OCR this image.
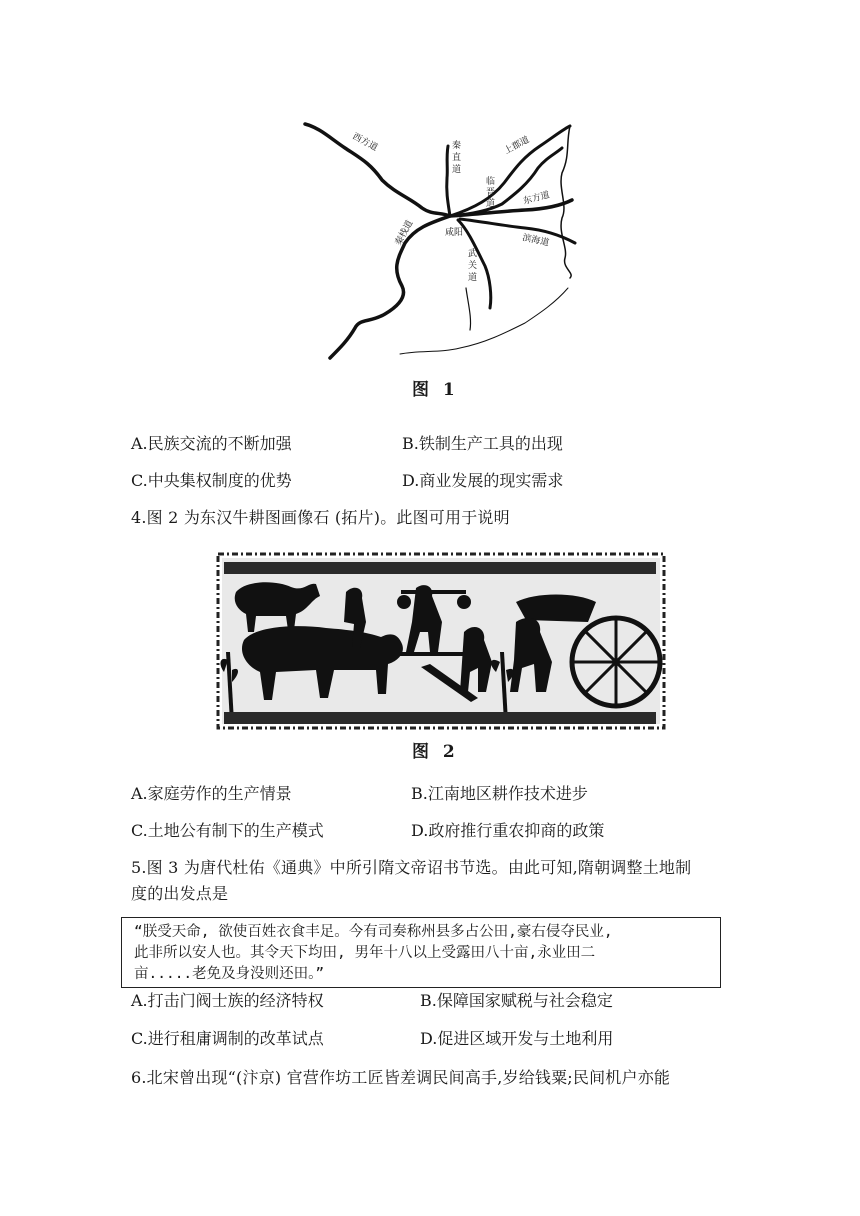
西方道	秦
直
道
上郡道
临
晋
道	东方道
咸阳
秦栈道
武
关
道
滨海道
图 1
A.民族交流的不断加强	B.铁制生产工具的出现
C.中央集权制度的优势	D.商业发展的现实需求
4.图 2 为东汉牛耕图画像石 (拓片)。此图可用于说明
图 2
A.家庭劳作的生产情景	B.江南地区耕作技术进步
C.土地公有制下的生产模式	D.政府推行重农抑商的政策
5.图 3 为唐代杜佑《通典》中所引隋文帝诏书节选。由此可知,隋朝调整土地制
度的出发点是
“朕受天命, 欲使百姓衣食丰足。今有司奏称州县多占公田,豪右侵夺民业,
此非所以安人也。其令天下均田, 男年十八以上受露田八十亩,永业田二
亩.....老免及身没则还田。”
A.打击门阀士族的经济特权	B.保障国家赋税与社会稳定
C.进行租庸调制的改革试点	D.促进区域开发与土地利用
6.北宋曾出现“(汴京) 官营作坊工匠皆差调民间高手,岁给钱粟;民间机户亦能
